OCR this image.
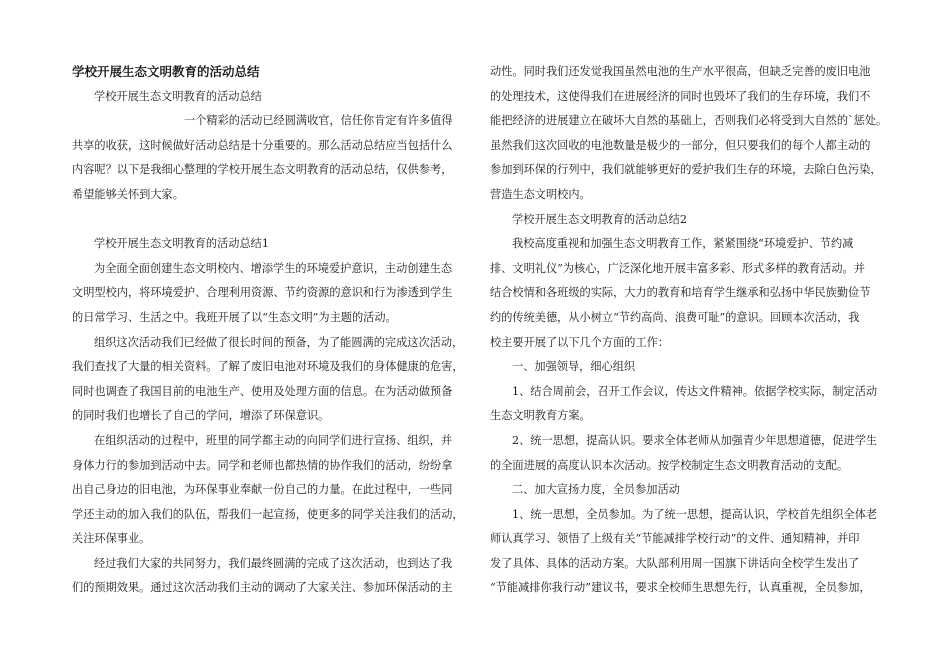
学校开展生态文明教育的活动总结
学校开展生态文明教育的活动总结
一个精彩的活动已经圆满收官，信任你肯定有许多值得
共享的收获，这时候做好活动总结是十分重要的。那么活动总结应当包括什么
内容呢？以下是我细心整理的学校开展生态文明教育的活动总结，仅供参考，
希望能够关怀到大家。
学校开展生态文明教育的活动总结1
为全面全面创建生态文明校内、增添学生的环境爱护意识，主动创建生态
文明型校内，将环境爱护、合理利用资源、节约资源的意识和行为渗透到学生
的日常学习、生活之中。我班开展了以“生态文明”为主题的活动。
组织这次活动我们已经做了很长时间的预备，为了能圆满的完成这次活动，
我们查找了大量的相关资料。了解了废旧电池对环境及我们的身体健康的危害，
同时也调查了我国目前的电池生产、使用及处理方面的信息。在为活动做预备
的同时我们也增长了自己的学问，增添了环保意识。
在组织活动的过程中，班里的同学都主动的向同学们进行宣扬、组织，并
身体力行的参加到活动中去。同学和老师也都热情的协作我们的活动，纷纷拿
出自己身边的旧电池，为环保事业奉献一份自己的力量。在此过程中，一些同
学还主动的加入我们的队伍，帮我们一起宣扬，使更多的同学关注我们的活动，
关注环保事业。
经过我们大家的共同努力，我们最终圆满的完成了这次活动，也到达了我
们的预期效果。通过这次活动我们主动的调动了大家关注、参加环保活动的主
动性。同时我们还发觉我国虽然电池的生产水平很高，但缺乏完善的废旧电池
的处理技术，这使得我们在进展经济的同时也毁坏了我们的生存环境，我们不
能把经济的进展建立在破坏大自然的基础上，否则我们必将受到大自然的`惩处。
虽然我们这次回收的电池数量是极少的一部分，但只要我们的每个人都主动的
参加到环保的行列中，我们就能够更好的爱护我们生存的环境，去除白色污染，
营造生态文明校内。
学校开展生态文明教育的活动总结2
我校高度重视和加强生态文明教育工作，紧紧围绕“环境爱护、节约减
排、文明礼仪”为核心，广泛深化地开展丰富多彩、形式多样的教育活动。并
结合校情和各班级的实际，大力的教育和培育学生继承和弘扬中华民族勤俭节
约的传统美德，从小树立“节约高尚、浪费可耻”的意识。回顾本次活动，我
校主要开展了以下几个方面的工作：
一、加强领导，细心组织
1、结合周前会，召开工作会议，传达文件精神。依据学校实际，制定活动
生态文明教育方案。
2、统一思想，提高认识。要求全体老师从加强青少年思想道德，促进学生
的全面进展的高度认识本次活动。按学校制定生态文明教育活动的支配。
二、加大宣扬力度，全员参加活动
1、统一思想，全员参加。为了统一思想，提高认识，学校首先组织全体老
师认真学习、领悟了上级有关“节能减排学校行动”的文件、通知精神，并印
发了具体、具体的活动方案。大队部利用周一国旗下讲话向全校学生发出了
“节能减排你我行动”建议书，要求全校师生思想先行，认真重视，全员参加，
